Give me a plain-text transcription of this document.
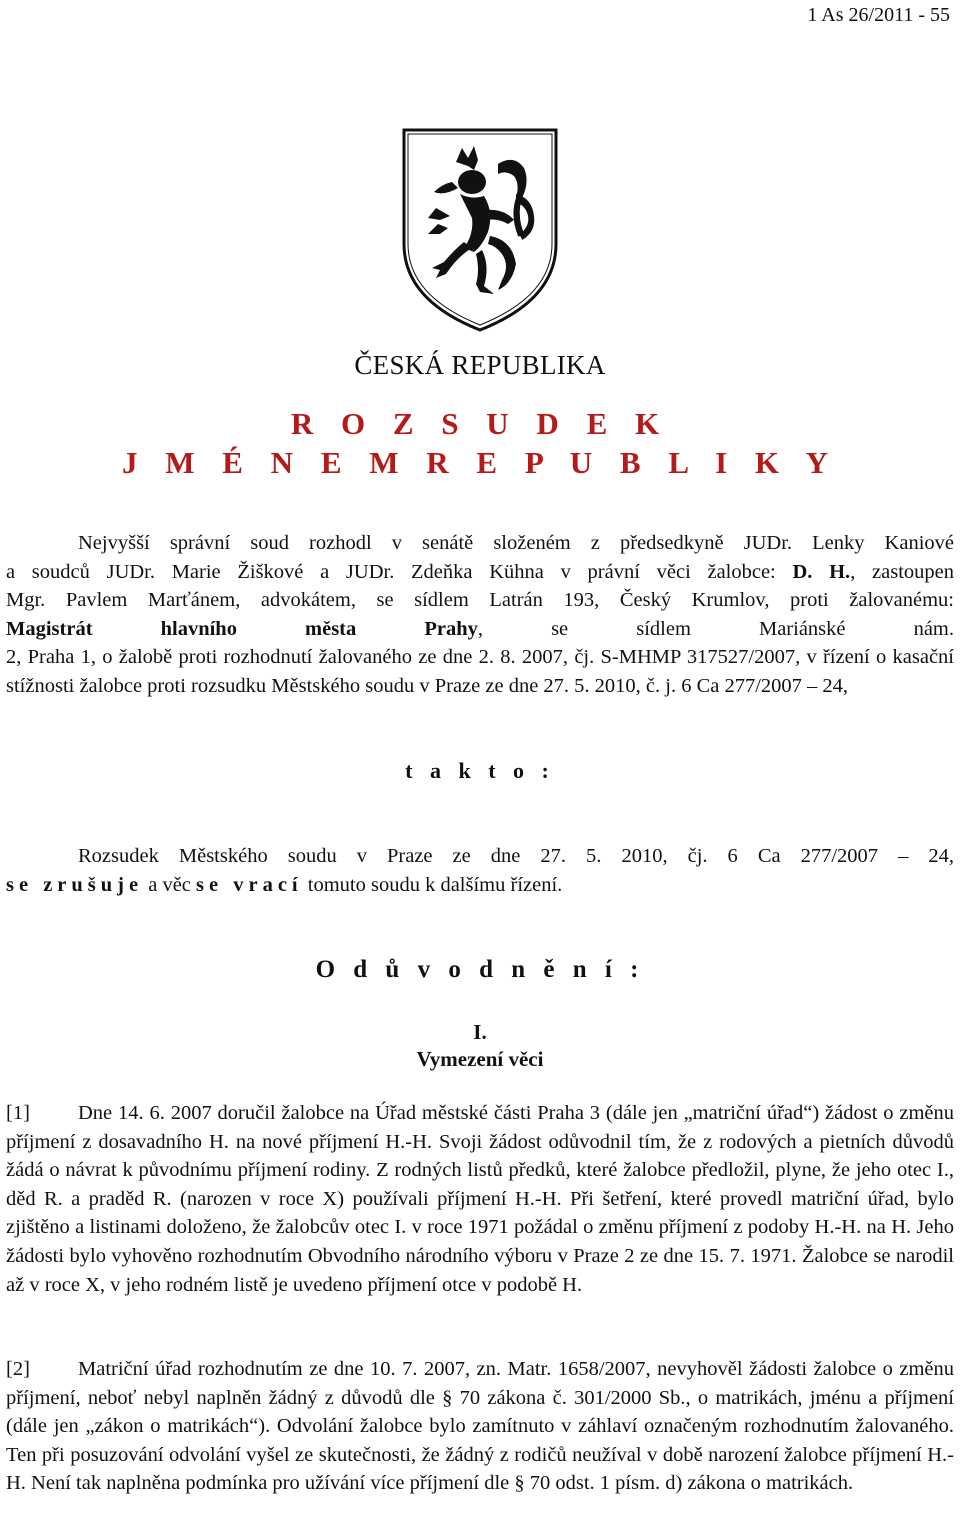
1 As 26/2011 - 55
ČESKÁ REPUBLIKA
R O Z S U D E K
J M É N E M R E P U B L I K Y
Nejvyšší správní soud rozhodl v senátě složeném z předsedkyně JUDr. Lenky Kaniové
a soudců JUDr. Marie Žiškové a JUDr. Zdeňka Kühna v právní věci žalobce: D. H., zastoupen
Mgr. Pavlem Marťánem, advokátem, se sídlem Latrán 193, Český Krumlov, proti žalovanému:
Magistrát hlavního města Prahy, se sídlem Mariánské nám.
2, Praha 1, o žalobě proti rozhodnutí žalovaného ze dne 2. 8. 2007, čj. S-MHMP 317527/2007, v řízení o kasační stížnosti žalobce proti rozsudku Městského soudu v Praze ze dne 27. 5. 2010, č. j. 6 Ca 277/2007 – 24,
t a k t o :
Rozsudek Městského soudu v Praze ze dne 27. 5. 2010, čj. 6 Ca 277/2007 – 24,
se zrušuje a věc se vrací tomuto soudu k dalšímu řízení.
O d ů v o d n ě n í :
I.
Vymezení věci
[1] Dne 14. 6. 2007 doručil žalobce na Úřad městské části Praha 3 (dále jen „matriční úřad“) žádost o změnu příjmení z dosavadního H. na nové příjmení H.-H. Svoji žádost odůvodnil tím, že z rodových a pietních důvodů žádá o návrat k původnímu příjmení rodiny. Z rodných listů předků, které žalobce předložil, plyne, že jeho otec I., děd R. a praděd R. (narozen v roce X) používali příjmení H.-H. Při šetření, které provedl matriční úřad, bylo zjištěno a listinami doloženo, že žalobcův otec I. v roce 1971 požádal o změnu příjmení z podoby H.-H. na H. Jeho žádosti bylo vyhověno rozhodnutím Obvodního národního výboru v Praze 2 ze dne 15. 7. 1971. Žalobce se narodil až v roce X, v jeho rodném listě je uvedeno příjmení otce v podobě H.
[2] Matriční úřad rozhodnutím ze dne 10. 7. 2007, zn. Matr. 1658/2007, nevyhověl žádosti žalobce o změnu příjmení, neboť nebyl naplněn žádný z důvodů dle § 70 zákona č. 301/2000 Sb., o matrikách, jménu a příjmení (dále jen „zákon o matrikách“). Odvolání žalobce bylo zamítnuto v záhlaví označeným rozhodnutím žalovaného. Ten při posuzování odvolání vyšel ze skutečnosti, že žádný z rodičů neužíval v době narození žalobce příjmení H.-H. Není tak naplněna podmínka pro užívání více příjmení dle § 70 odst. 1 písm. d) zákona o matrikách.
